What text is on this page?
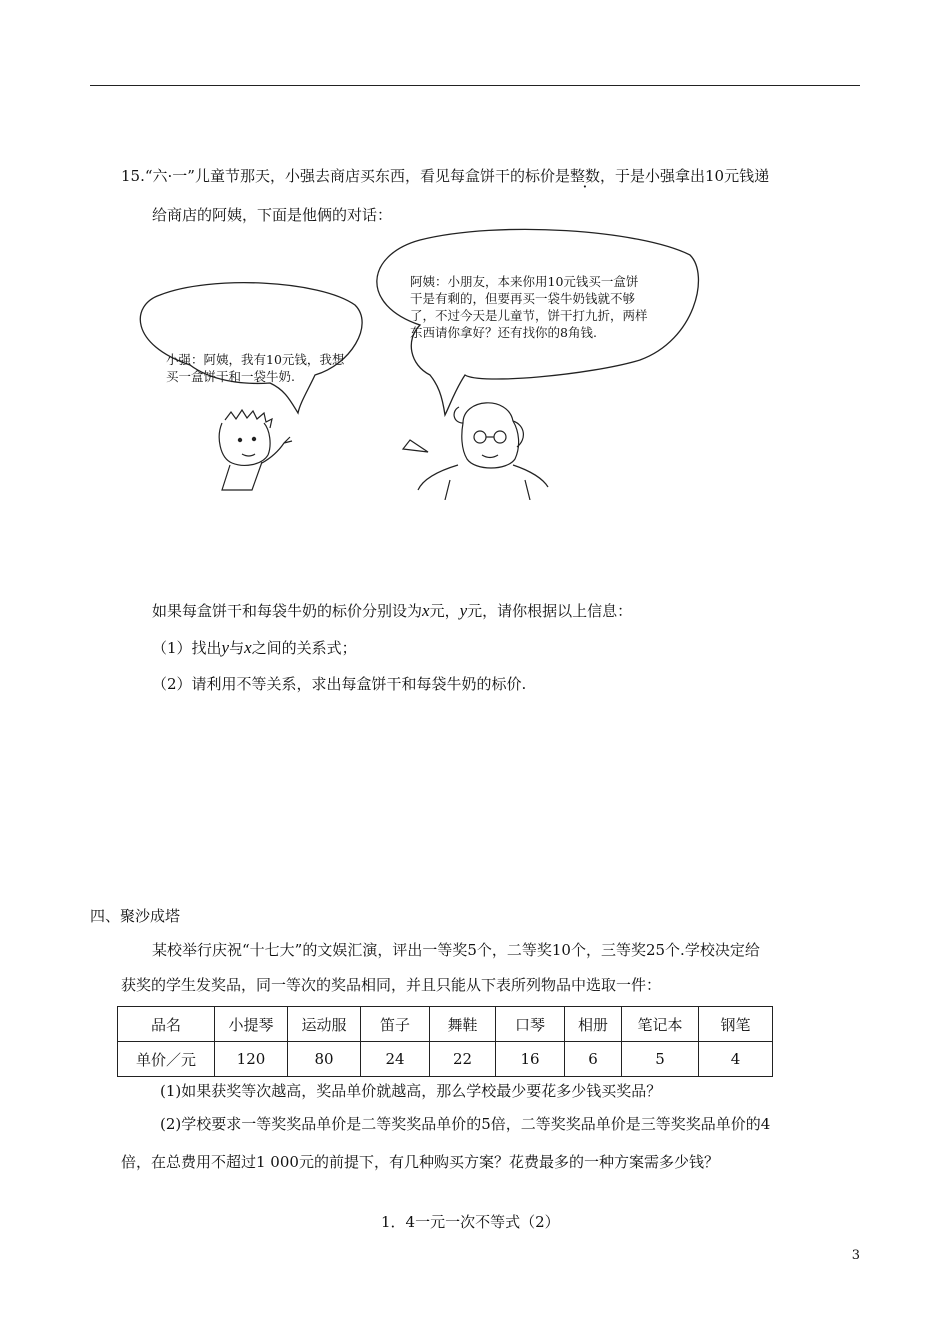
15.“六·一”儿童节那天，小强去商店买东西，看见每盒饼干的标价是整数，于是小强拿出10元钱递
给商店的阿姨，下面是他俩的对话：
小强：阿姨，我有10元钱，我想
买一盒饼干和一袋牛奶.
阿姨：小朋友，本来你用10元钱买一盒饼
干是有剩的，但要再买一袋牛奶钱就不够
了，不过今天是儿童节，饼干打九折，两样
东西请你拿好？还有找你的8角钱.
如果每盒饼干和每袋牛奶的标价分别设为x元，y元，请你根据以上信息：
（1）找出y与x之间的关系式；
（2）请利用不等关系，求出每盒饼干和每袋牛奶的标价.
四、聚沙成塔
某校举行庆祝“十七大”的文娱汇演，评出一等奖5个，二等奖10个，三等奖25个.学校决定给
获奖的学生发奖品，同一等次的奖品相同，并且只能从下表所列物品中选取一件：
品名	小提琴	运动服	笛子	舞鞋	口琴	相册	笔记本	钢笔
单价／元	120	80	24	22	16	6	5	4
(1)如果获奖等次越高，奖品单价就越高，那么学校最少要花多少钱买奖品？
(2)学校要求一等奖奖品单价是二等奖奖品单价的5倍，二等奖奖品单价是三等奖奖品单价的4
倍，在总费用不超过1 000元的前提下，有几种购买方案？花费最多的一种方案需多少钱？
1．4一元一次不等式（2）
3
